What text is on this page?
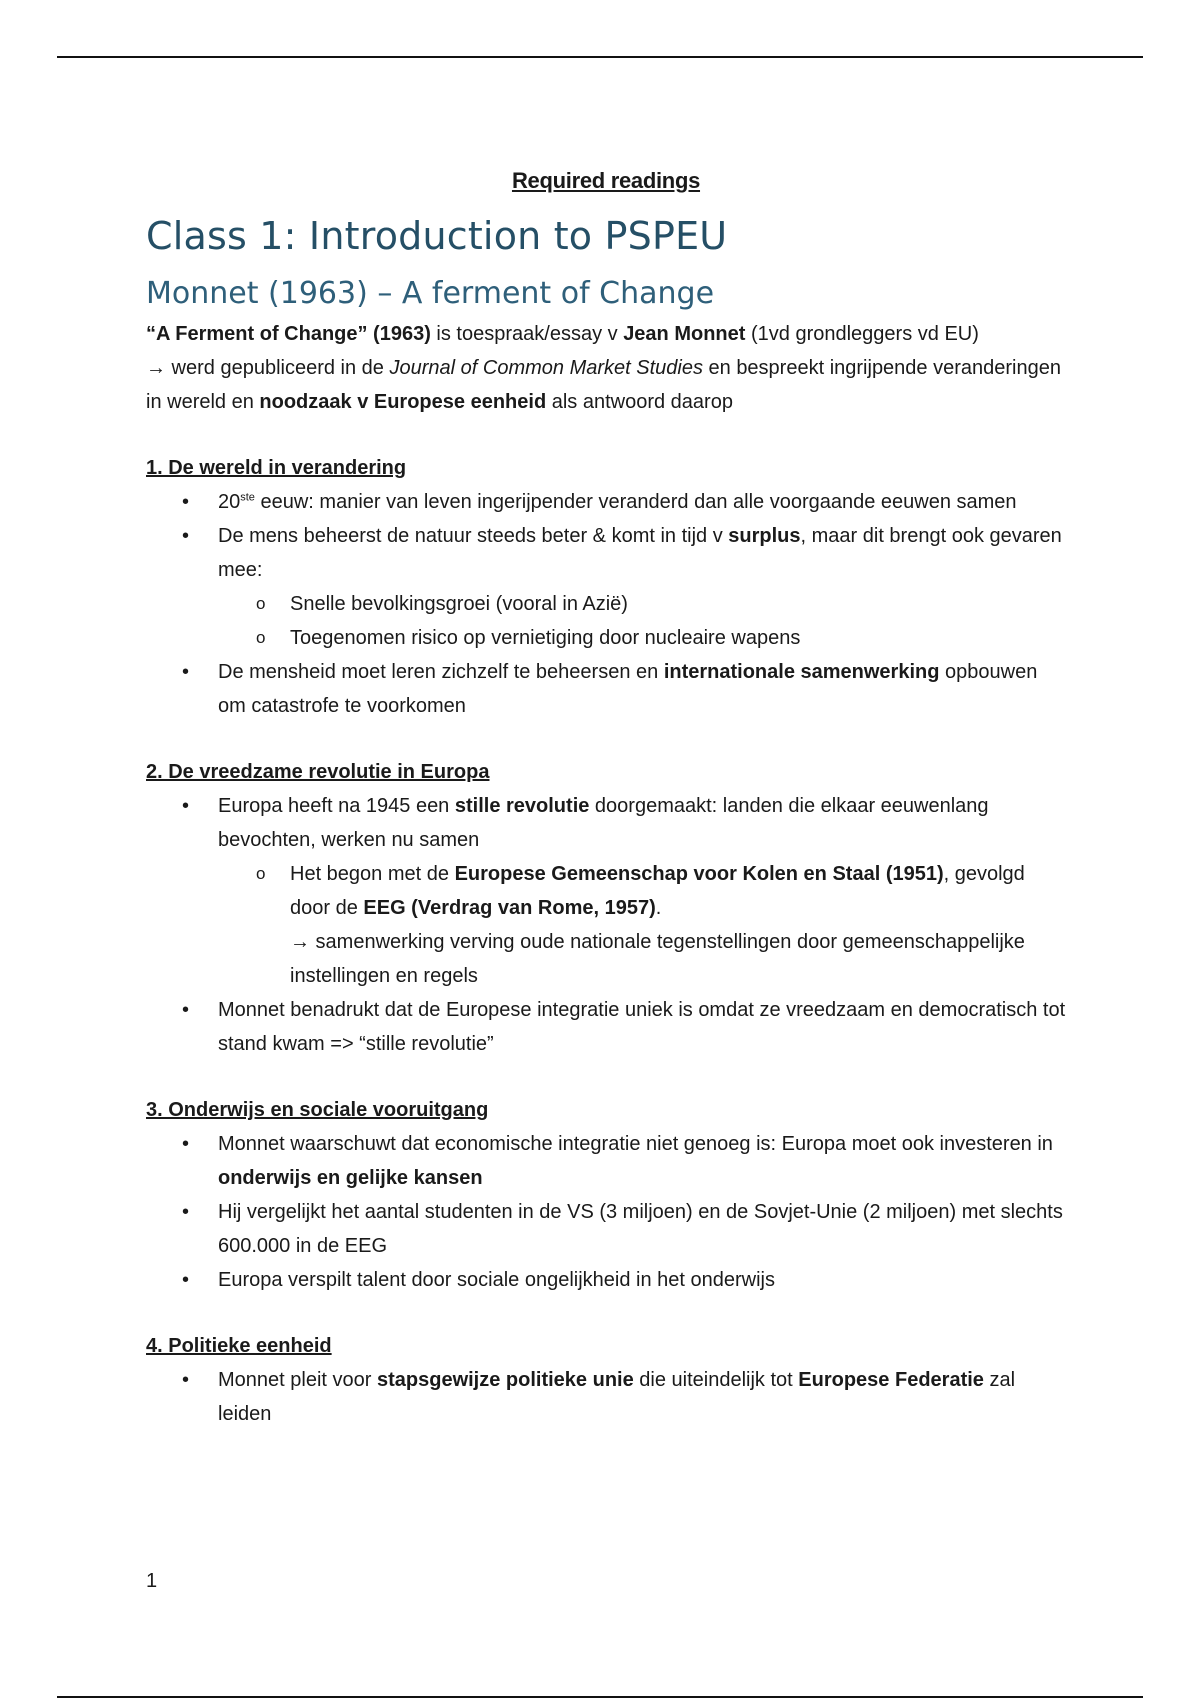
Required readings
Class 1: Introduction to PSPEU
Monnet (1963) – A ferment of Change

“A Ferment of Change” (1963) is toespraak/essay v Jean Monnet (1vd grondleggers vd EU)
→ werd gepubliceerd in de Journal of Common Market Studies en bespreekt ingrijpende veranderingen in wereld en noodzaak v Europese eenheid als antwoord daarop

1. De wereld in verandering

• 20ste eeuw: manier van leven ingerijpender veranderd dan alle voorgaande eeuwen samen
• De mens beheerst de natuur steeds beter & komt in tijd v surplus, maar dit brengt ook gevaren mee:
o Snelle bevolkingsgroei (vooral in Azië)
o Toegenomen risico op vernietiging door nucleaire wapens
• De mensheid moet leren zichzelf te beheersen en internationale samenwerking opbouwen om catastrofe te voorkomen

2. De vreedzame revolutie in Europa

• Europa heeft na 1945 een stille revolutie doorgemaakt: landen die elkaar eeuwenlang bevochten, werken nu samen
o Het begon met de Europese Gemeenschap voor Kolen en Staal (1951), gevolgd door de EEG (Verdrag van Rome, 1957).
→ samenwerking verving oude nationale tegenstellingen door gemeenschappelijke instellingen en regels
• Monnet benadrukt dat de Europese integratie uniek is omdat ze vreedzaam en democratisch tot stand kwam => “stille revolutie”

3. Onderwijs en sociale vooruitgang

• Monnet waarschuwt dat economische integratie niet genoeg is: Europa moet ook investeren in onderwijs en gelijke kansen
• Hij vergelijkt het aantal studenten in de VS (3 miljoen) en de Sovjet-Unie (2 miljoen) met slechts 600.000 in de EEG
• Europa verspilt talent door sociale ongelijkheid in het onderwijs

4. Politieke eenheid

• Monnet pleit voor stapsgewijze politieke unie die uiteindelijk tot Europese Federatie zal leiden
1
